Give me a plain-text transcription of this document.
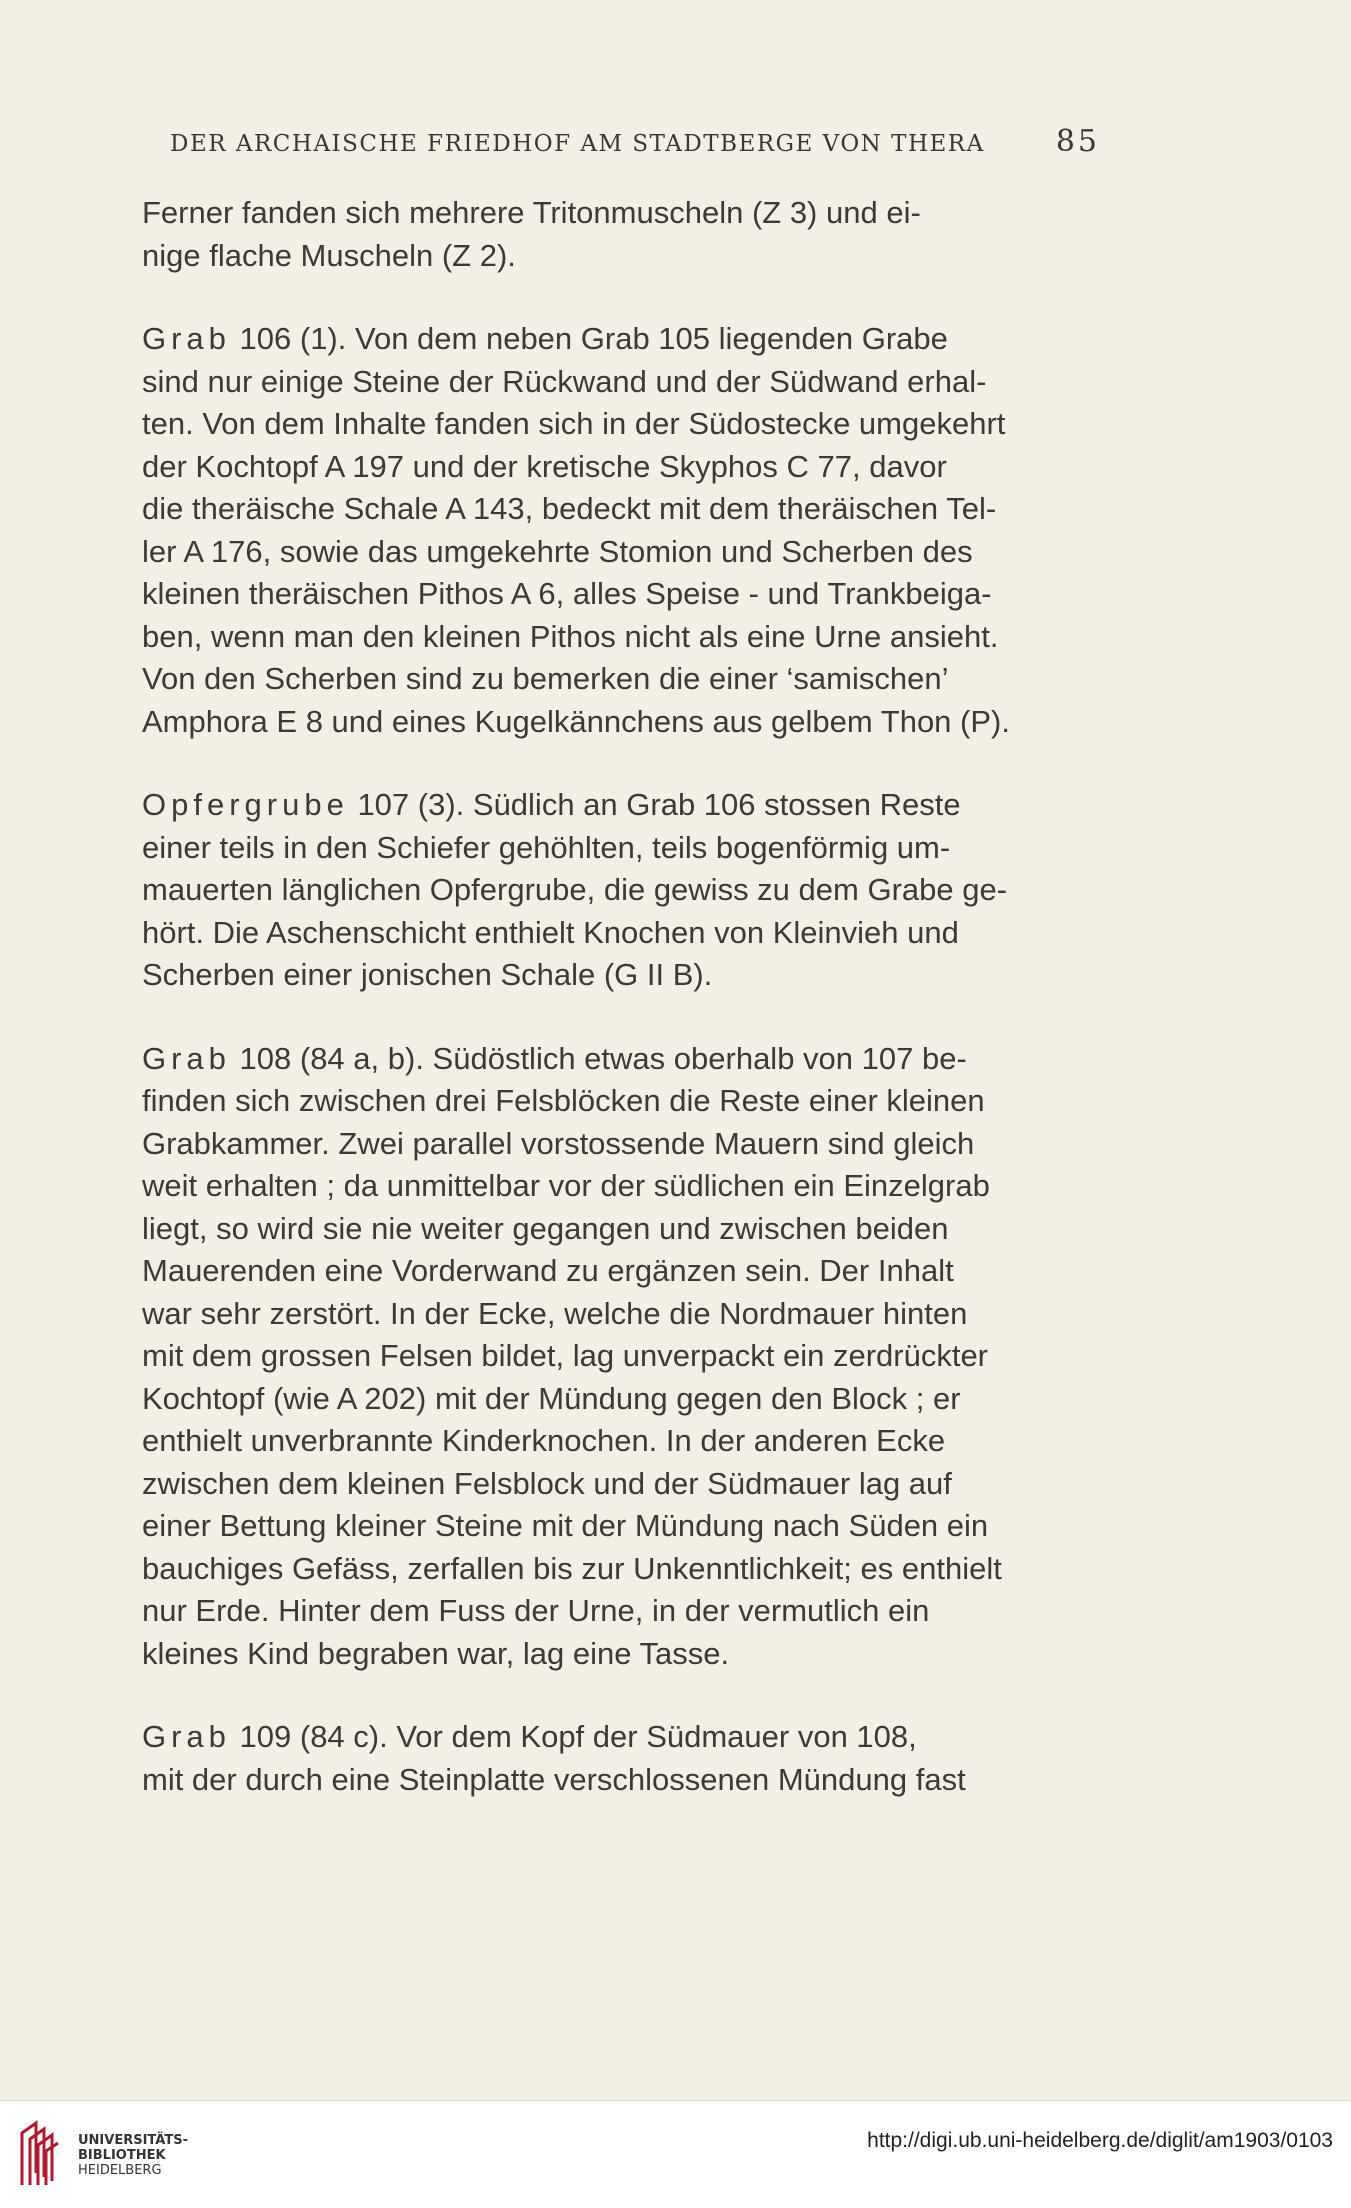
DER ARCHAISCHE FRIEDHOF AM STADTBERGE VON THERA 85

Ferner fanden sich mehrere Tritonmuscheln (Z 3) und ei-
nige flache Muscheln (Z 2).

Grab 106 (1). Von dem neben Grab 105 liegenden Grabe
sind nur einige Steine der Rückwand und der Südwand erhal-
ten. Von dem Inhalte fanden sich in der Südostecke umgekehrt
der Kochtopf A 197 und der kretische Skyphos C 77, davor
die theräische Schale A 143, bedeckt mit dem theräischen Tel-
ler A 176, sowie das umgekehrte Stomion und Scherben des
kleinen theräischen Pithos A 6, alles Speise - und Trankbeiga-
ben, wenn man den kleinen Pithos nicht als eine Urne ansieht.
Von den Scherben sind zu bemerken die einer ‘samischen’
Amphora E 8 und eines Kugelkännchens aus gelbem Thon (P).

Opfergrube 107 (3). Südlich an Grab 106 stossen Reste
einer teils in den Schiefer gehöhlten, teils bogenförmig um-
mauerten länglichen Opfergrube, die gewiss zu dem Grabe ge-
hört. Die Aschenschicht enthielt Knochen von Kleinvieh und
Scherben einer jonischen Schale (G II B).

Grab 108 (84 a, b). Südöstlich etwas oberhalb von 107 be-
finden sich zwischen drei Felsblöcken die Reste einer kleinen
Grabkammer. Zwei parallel vorstossende Mauern sind gleich
weit erhalten ; da unmittelbar vor der südlichen ein Einzelgrab
liegt, so wird sie nie weiter gegangen und zwischen beiden
Mauerenden eine Vorderwand zu ergänzen sein. Der Inhalt
war sehr zerstört. In der Ecke, welche die Nordmauer hinten
mit dem grossen Felsen bildet, lag unverpackt ein zerdrückter
Kochtopf (wie A 202) mit der Mündung gegen den Block ; er
enthielt unverbrannte Kinderknochen. In der anderen Ecke
zwischen dem kleinen Felsblock und der Südmauer lag auf
einer Bettung kleiner Steine mit der Mündung nach Süden ein
bauchiges Gefäss, zerfallen bis zur Unkenntlichkeit; es enthielt
nur Erde. Hinter dem Fuss der Urne, in der vermutlich ein
kleines Kind begraben war, lag eine Tasse.

Grab 109 (84 c). Vor dem Kopf der Südmauer von 108,
mit der durch eine Steinplatte verschlossenen Mündung fast

UNIVERSITÄTS-
BIBLIOTHEK
HEIDELBERG
http://digi.ub.uni-heidelberg.de/diglit/am1903/0103
